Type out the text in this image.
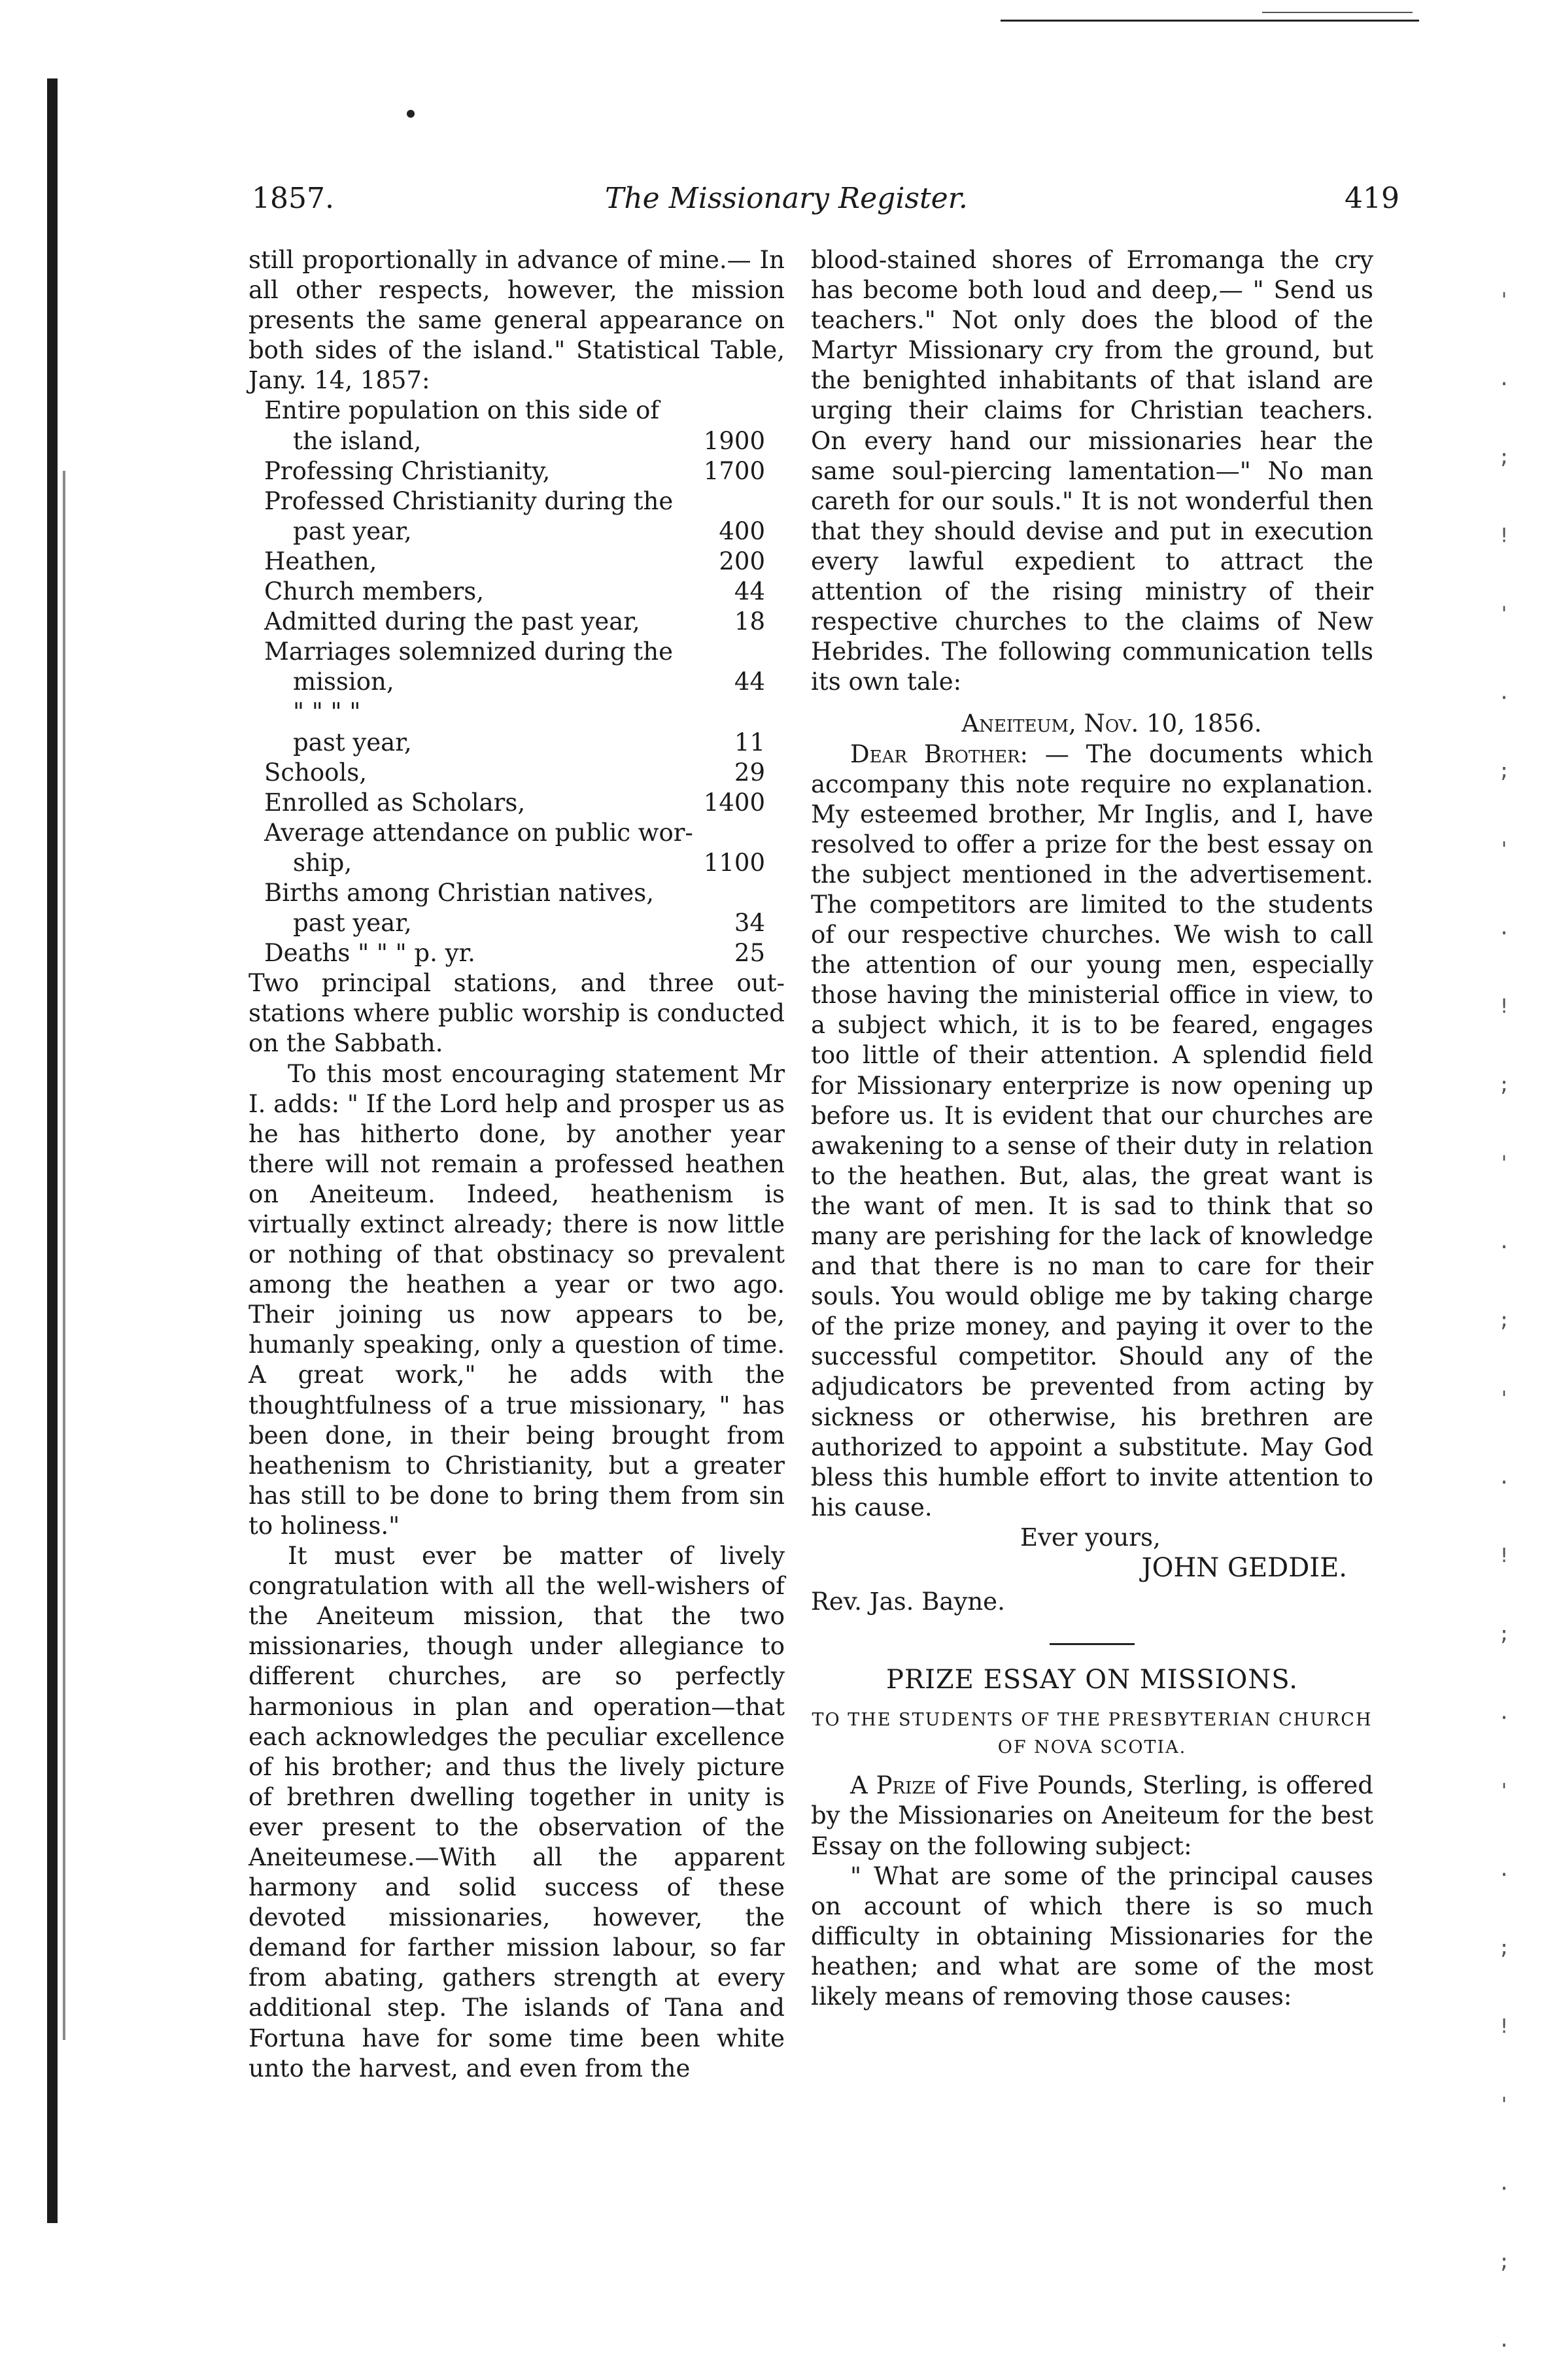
'
.
;
!
'
.
;
'
.
!
;
'
.
;
'
.
!
;
.
'
.
;
!
'
.
;
.
1857.	The Missionary Register.	419

still proportionally in advance of mine.— In all other respects, however, the mission presents the same general appearance on both sides of the island." Statistical Table, Jany. 14, 1857:

Entire population on this side of
the island,	1900
Professing Christianity,	1700
Professed Christianity during the
past year,	400
Heathen,	200
Church members,	44
Admitted during the past year,	18
Marriages solemnized during the
mission,	44
" " " "
past year,	11
Schools,	29
Enrolled as Scholars,	1400
Average attendance on public wor-
ship,	1100
Births among Christian natives,
past year,	34
Deaths " " " p. yr.	25

Two principal stations, and three out-stations where public worship is conducted on the Sabbath.

To this most encouraging statement Mr I. adds: " If the Lord help and prosper us as he has hitherto done, by another year there will not remain a professed heathen on Aneiteum. Indeed, heathenism is virtually extinct already; there is now little or nothing of that obstinacy so prevalent among the heathen a year or two ago. Their joining us now appears to be, humanly speaking, only a question of time. A great work," he adds with the thoughtfulness of a true missionary, " has been done, in their being brought from heathenism to Christianity, but a greater has still to be done to bring them from sin to holiness."

It must ever be matter of lively congratulation with all the well-wishers of the Aneiteum mission, that the two missionaries, though under allegiance to different churches, are so perfectly harmonious in plan and operation—that each acknowledges the peculiar excellence of his brother; and thus the lively picture of brethren dwelling together in unity is ever present to the observation of the Aneiteumese.—With all the apparent harmony and solid success of these devoted missionaries, however, the demand for farther mission labour, so far from abating, gathers strength at every additional step. The islands of Tana and Fortuna have for some time been white unto the harvest, and even from the

blood-stained shores of Erromanga the cry has become both loud and deep,— " Send us teachers." Not only does the blood of the Martyr Missionary cry from the ground, but the benighted inhabitants of that island are urging their claims for Christian teachers. On every hand our missionaries hear the same soul-piercing lamentation—" No man careth for our souls." It is not wonderful then that they should devise and put in execution every lawful expedient to attract the attention of the rising ministry of their respective churches to the claims of New Hebrides. The following communication tells its own tale:

Aneiteum, Nov. 10, 1856.

Dear Brother: — The documents which accompany this note require no explanation. My esteemed brother, Mr Inglis, and I, have resolved to offer a prize for the best essay on the subject mentioned in the advertisement. The competitors are limited to the students of our respective churches. We wish to call the attention of our young men, especially those having the ministerial office in view, to a subject which, it is to be feared, engages too little of their attention. A splendid field for Missionary enterprize is now opening up before us. It is evident that our churches are awakening to a sense of their duty in relation to the heathen. But, alas, the great want is the want of men. It is sad to think that so many are perishing for the lack of knowledge and that there is no man to care for their souls. You would oblige me by taking charge of the prize money, and paying it over to the successful competitor. Should any of the adjudicators be prevented from acting by sickness or otherwise, his brethren are authorized to appoint a substitute. May God bless this humble effort to invite attention to his cause.

Ever yours,

JOHN GEDDIE.

Rev. Jas. Bayne.

PRIZE ESSAY ON MISSIONS.

TO THE STUDENTS OF THE PRESBYTERIAN CHURCH OF NOVA SCOTIA.

A Prize of Five Pounds, Sterling, is offered by the Missionaries on Aneiteum for the best Essay on the following subject:

" What are some of the principal causes on account of which there is so much difficulty in obtaining Missionaries for the heathen; and what are some of the most likely means of removing those causes:
